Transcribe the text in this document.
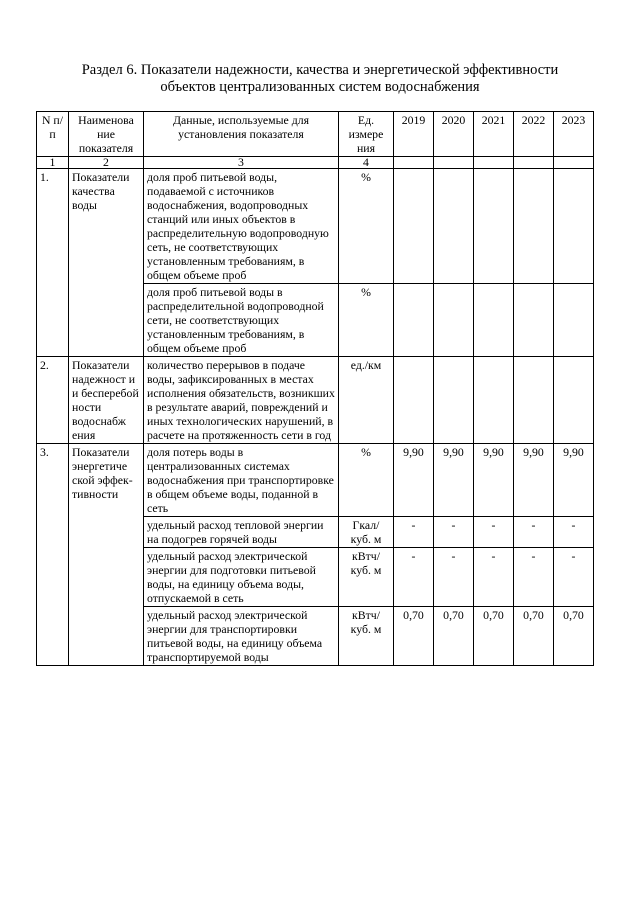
Раздел 6. Показатели надежности, качества и энергетической эффективности
объектов централизованных систем водоснабжения
N п/п	Наименова ние показателя	Данные, используемые для установления показателя	Ед. измере ния	2019	2020	2021	2022	2023
1	2	3	4					
1.	Показатели качества воды	доля проб питьевой воды, подаваемой с источников водоснабжения, водопроводных станций или иных объектов в распределительную водопроводную сеть, не соответствующих установленным требованиям, в общем объеме проб	%					
		доля проб питьевой воды в распределительной водопроводной сети, не соответствующих установленным требованиям, в общем объеме проб	%					
2.	Показатели надежност и и бесперебой ности водоснабж ения	количество перерывов в подаче воды, зафиксированных в местах исполнения обязательств, возникших в результате аварий, повреждений и иных технологических нарушений, в расчете на протяженность сети в год	ед./км					
3.	Показатели энергетиче ской эффек- тивности	доля потерь воды в централизованных системах водоснабжения при транспортировке в общем объеме воды, поданной в сеть	%	9,90	9,90	9,90	9,90	9,90
		удельный расход тепловой энергии на подогрев горячей воды	Гкал/ куб. м	-	-	-	-	-
		удельный расход электрической энергии для подготовки питьевой воды, на единицу объема воды, отпускаемой в сеть	кВтч/ куб. м	-	-	-	-	-
		удельный расход электрической энергии для транспортировки питьевой воды, на единицу объема транспортируемой воды	кВтч/ куб. м	0,70	0,70	0,70	0,70	0,70
